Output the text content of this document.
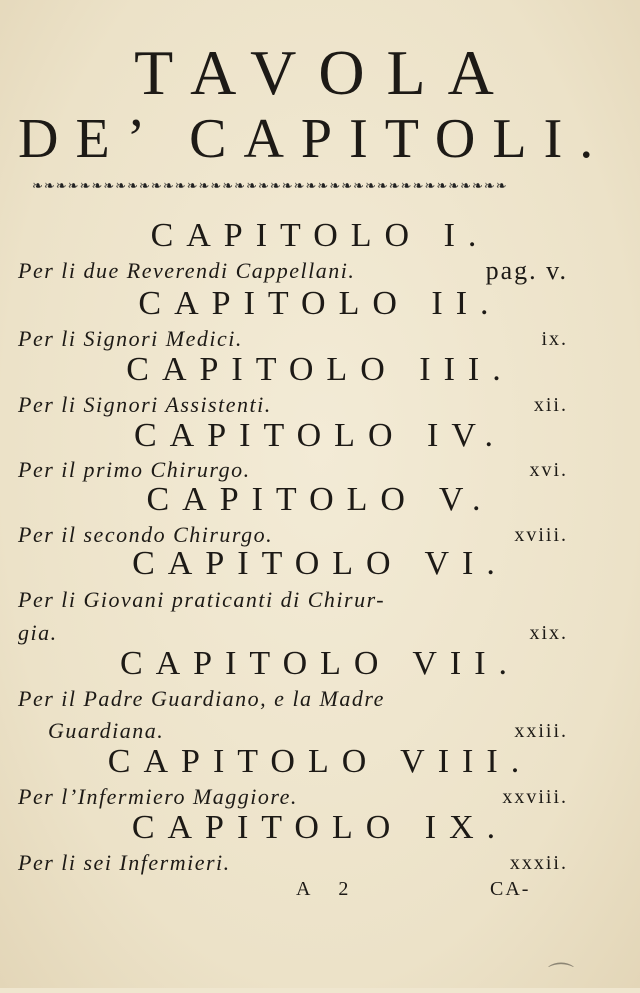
TAVOLA
DE’ CAPITOLI.
❧❧❧❧❧❧❧❧❧❧❧❧❧❧❧❧❧❧❧❧❧❧❧❧❧❧❧❧❧❧❧❧❧❧❧❧❧❧❧❧
CAPITOLO I.
Per li due Reverendi Cappellani.	pag. v.
CAPITOLO II.
Per li Signori Medici.	ix.
CAPITOLO III.
Per li Signori Assistenti.	xii.
CAPITOLO IV.
Per il primo Chirurgo.	xvi.
CAPITOLO V.
Per il secondo Chirurgo.	xviii.
CAPITOLO VI.
Per li Giovani praticanti di Chirur-
gia.	xix.
CAPITOLO VII.
Per il Padre Guardiano, e la Madre
Guardiana.	xxiii.
CAPITOLO VIII.
Per l’Infermiero Maggiore.	xxviii.
CAPITOLO IX.
Per li sei Infermieri.	xxxii.
A 2	CA-
⌒
